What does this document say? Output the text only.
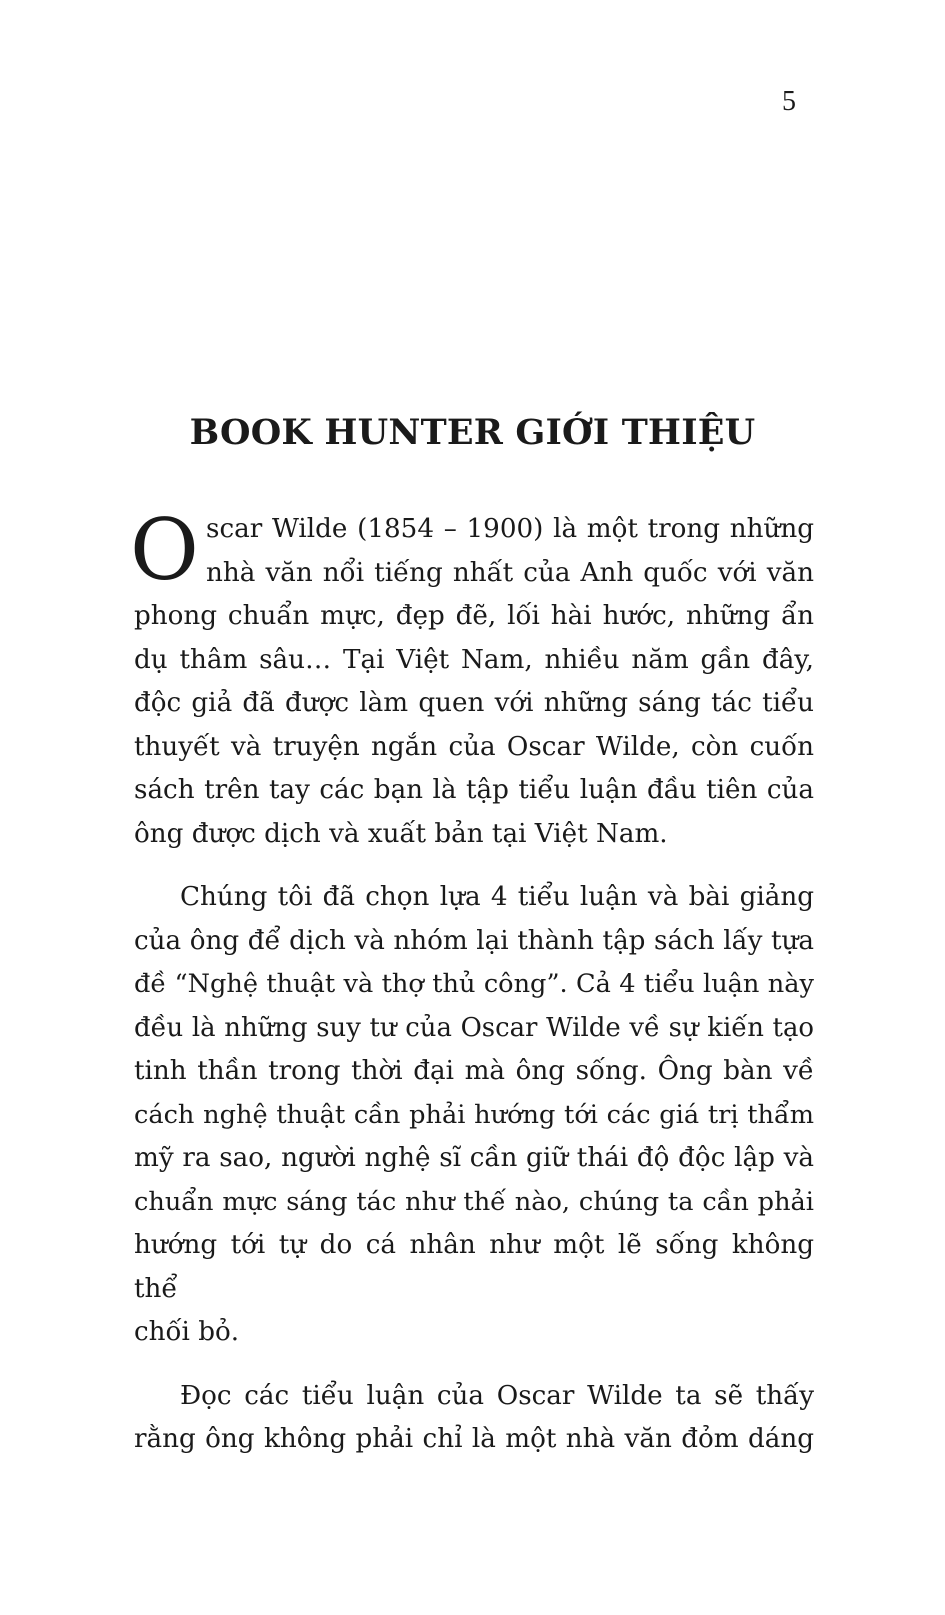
5
BOOK HUNTER GIỚI THIỆU
O scar Wilde (1854 – 1900) là một trong những
nhà văn nổi tiếng nhất của Anh quốc với văn
phong chuẩn mực, đẹp đẽ, lối hài hước, những ẩn
dụ thâm sâu… Tại Việt Nam, nhiều năm gần đây,
độc giả đã được làm quen với những sáng tác tiểu
thuyết và truyện ngắn của Oscar Wilde, còn cuốn
sách trên tay các bạn là tập tiểu luận đầu tiên của
ông được dịch và xuất bản tại Việt Nam.
Chúng tôi đã chọn lựa 4 tiểu luận và bài giảng
của ông để dịch và nhóm lại thành tập sách lấy tựa
đề “Nghệ thuật và thợ thủ công”. Cả 4 tiểu luận này
đều là những suy tư của Oscar Wilde về sự kiến tạo
tinh thần trong thời đại mà ông sống. Ông bàn về
cách nghệ thuật cần phải hướng tới các giá trị thẩm
mỹ ra sao, người nghệ sĩ cần giữ thái độ độc lập và
chuẩn mực sáng tác như thế nào, chúng ta cần phải
hướng tới tự do cá nhân như một lẽ sống không thể
chối bỏ.
Đọc các tiểu luận của Oscar Wilde ta sẽ thấy
rằng ông không phải chỉ là một nhà văn đỏm dáng
